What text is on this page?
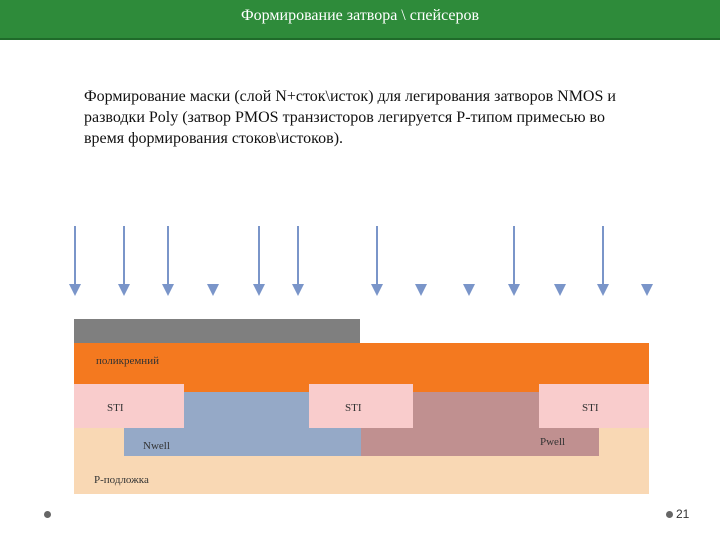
Формирование затвора \ спейсеров
Формирование маски (слой N+сток\исток) для легирования затворов NMOS и разводки Poly (затвор PMOS транзисторов легируется P-типом примесью во время формирования стоков\истоков).
поликремний
STI	STI	STI
Nwell	Pwell
P-подложка
21
